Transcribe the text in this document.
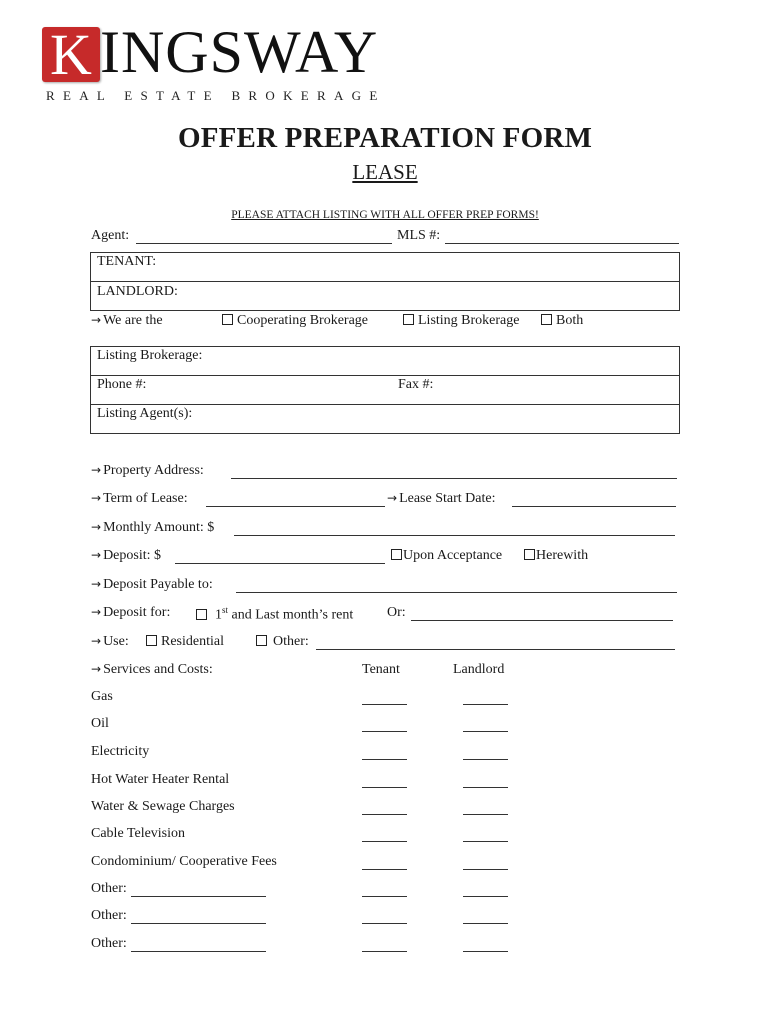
K INGSWAY
REAL ESTATE BROKERAGE
OFFER PREPARATION FORM
LEASE
PLEASE ATTACH LISTING WITH ALL OFFER PREP FORMS!
Agent:	MLS #:
TENANT:
LANDLORD:
→ We are the	Cooperating Brokerage	Listing Brokerage	Both
Listing Brokerage:
Phone #:	Fax #:
Listing Agent(s):
→ Property Address:
→ Term of Lease:	→ Lease Start Date:
→ Monthly Amount: $
→ Deposit: $	Upon Acceptance	Herewith
→ Deposit Payable to:
→ Deposit for:	1st and Last month’s rent Or:
→ Use:	Residential	Other:
→ Services and Costs:	Tenant	Landlord
Gas
Oil
Electricity
Hot Water Heater Rental
Water & Sewage Charges
Cable Television
Condominium/ Cooperative Fees
Other:
Other:
Other:
